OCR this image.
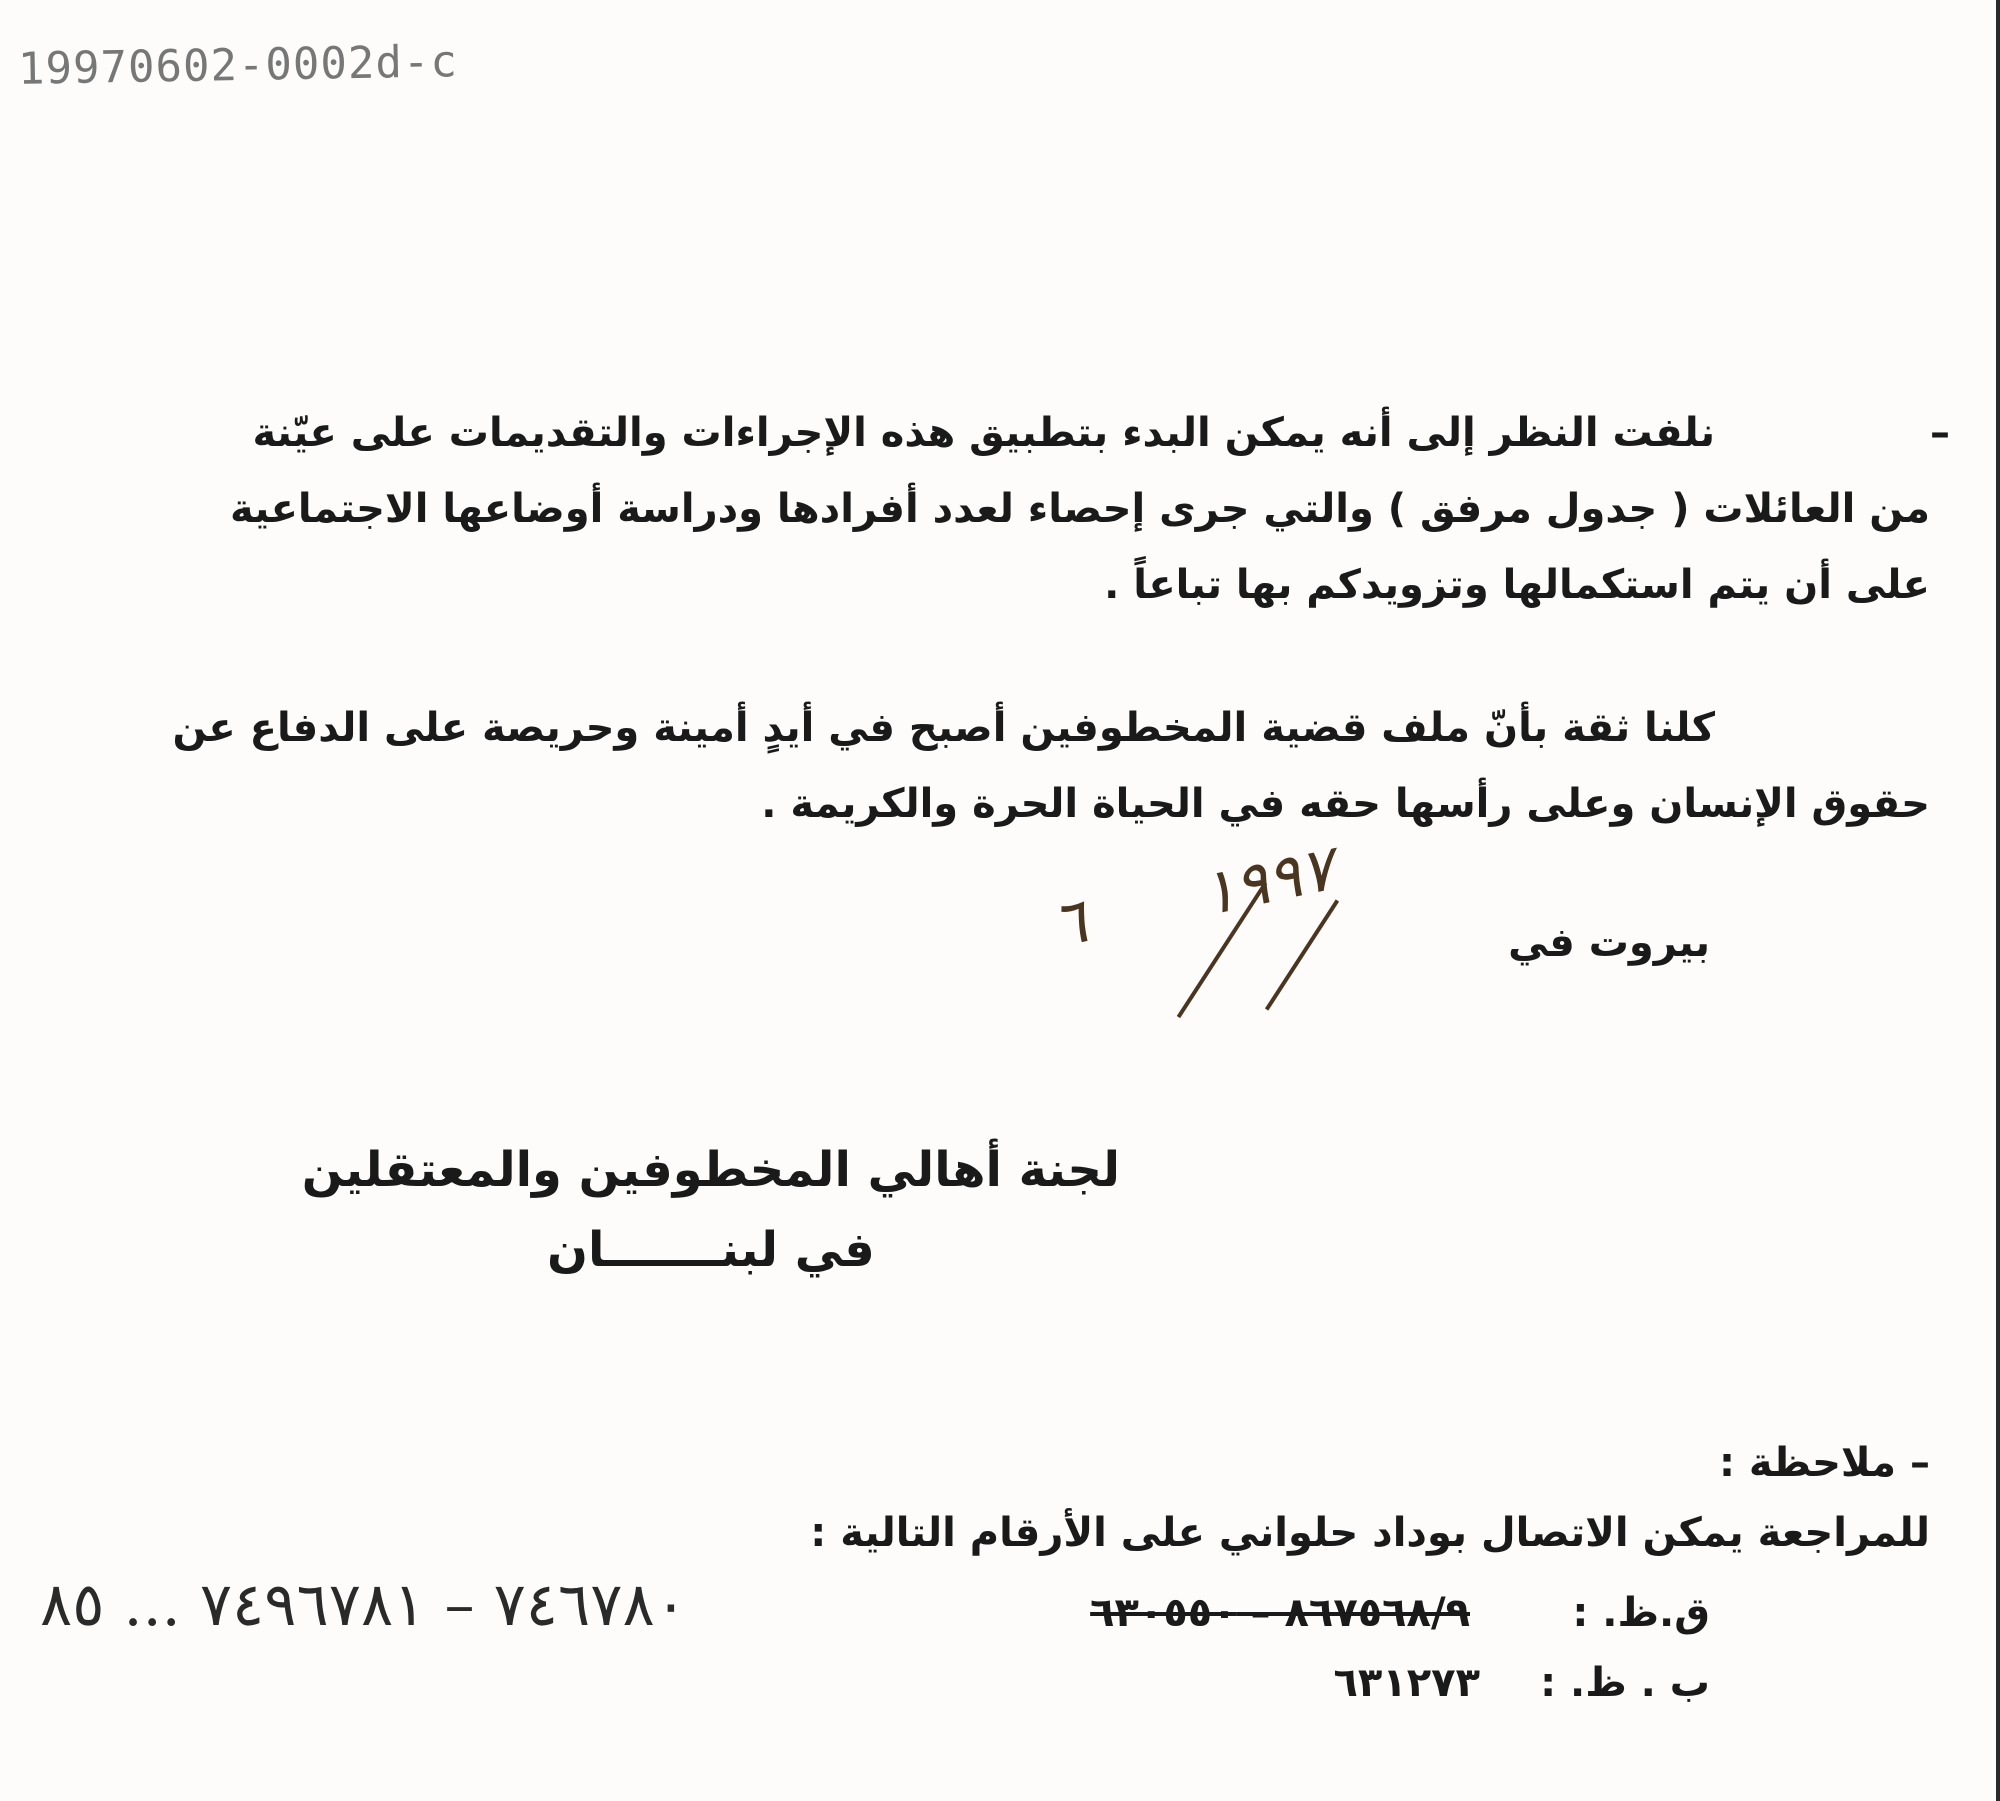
19970602-0002d-c
نلفت النظر إلى أنه يمكن البدء بتطبيق هذه الإجراءات والتقديمات على عيّنة
من العائلات ( جدول مرفق ) والتي جرى إحصاء لعدد أفرادها ودراسة أوضاعها الاجتماعية
على أن يتم استكمالها وتزويدكم بها تباعاً .
–
كلنا ثقة بأنّ ملف قضية المخطوفين أصبح في أيدٍ أمينة وحريصة على الدفاع عن
حقوق الإنسان وعلى رأسها حقه في الحياة الحرة والكريمة .
١٩٩٧  ٦	بيروت في
لجنة أهالي المخطوفين والمعتقلين
في لبنـــــــان
– ملاحظة :
للمراجعة يمكن الاتصال بوداد حلواني على الأرقام التالية :
ق.ظ. :
٨٦٧٥٦٨/٩ – ٦٣٠٥٥٠
٧٤٦٧٨٠ – ٧٤٩٦٧٨١ ... ٨٥
ب . ظ. :
٦٣١٢٧٣
